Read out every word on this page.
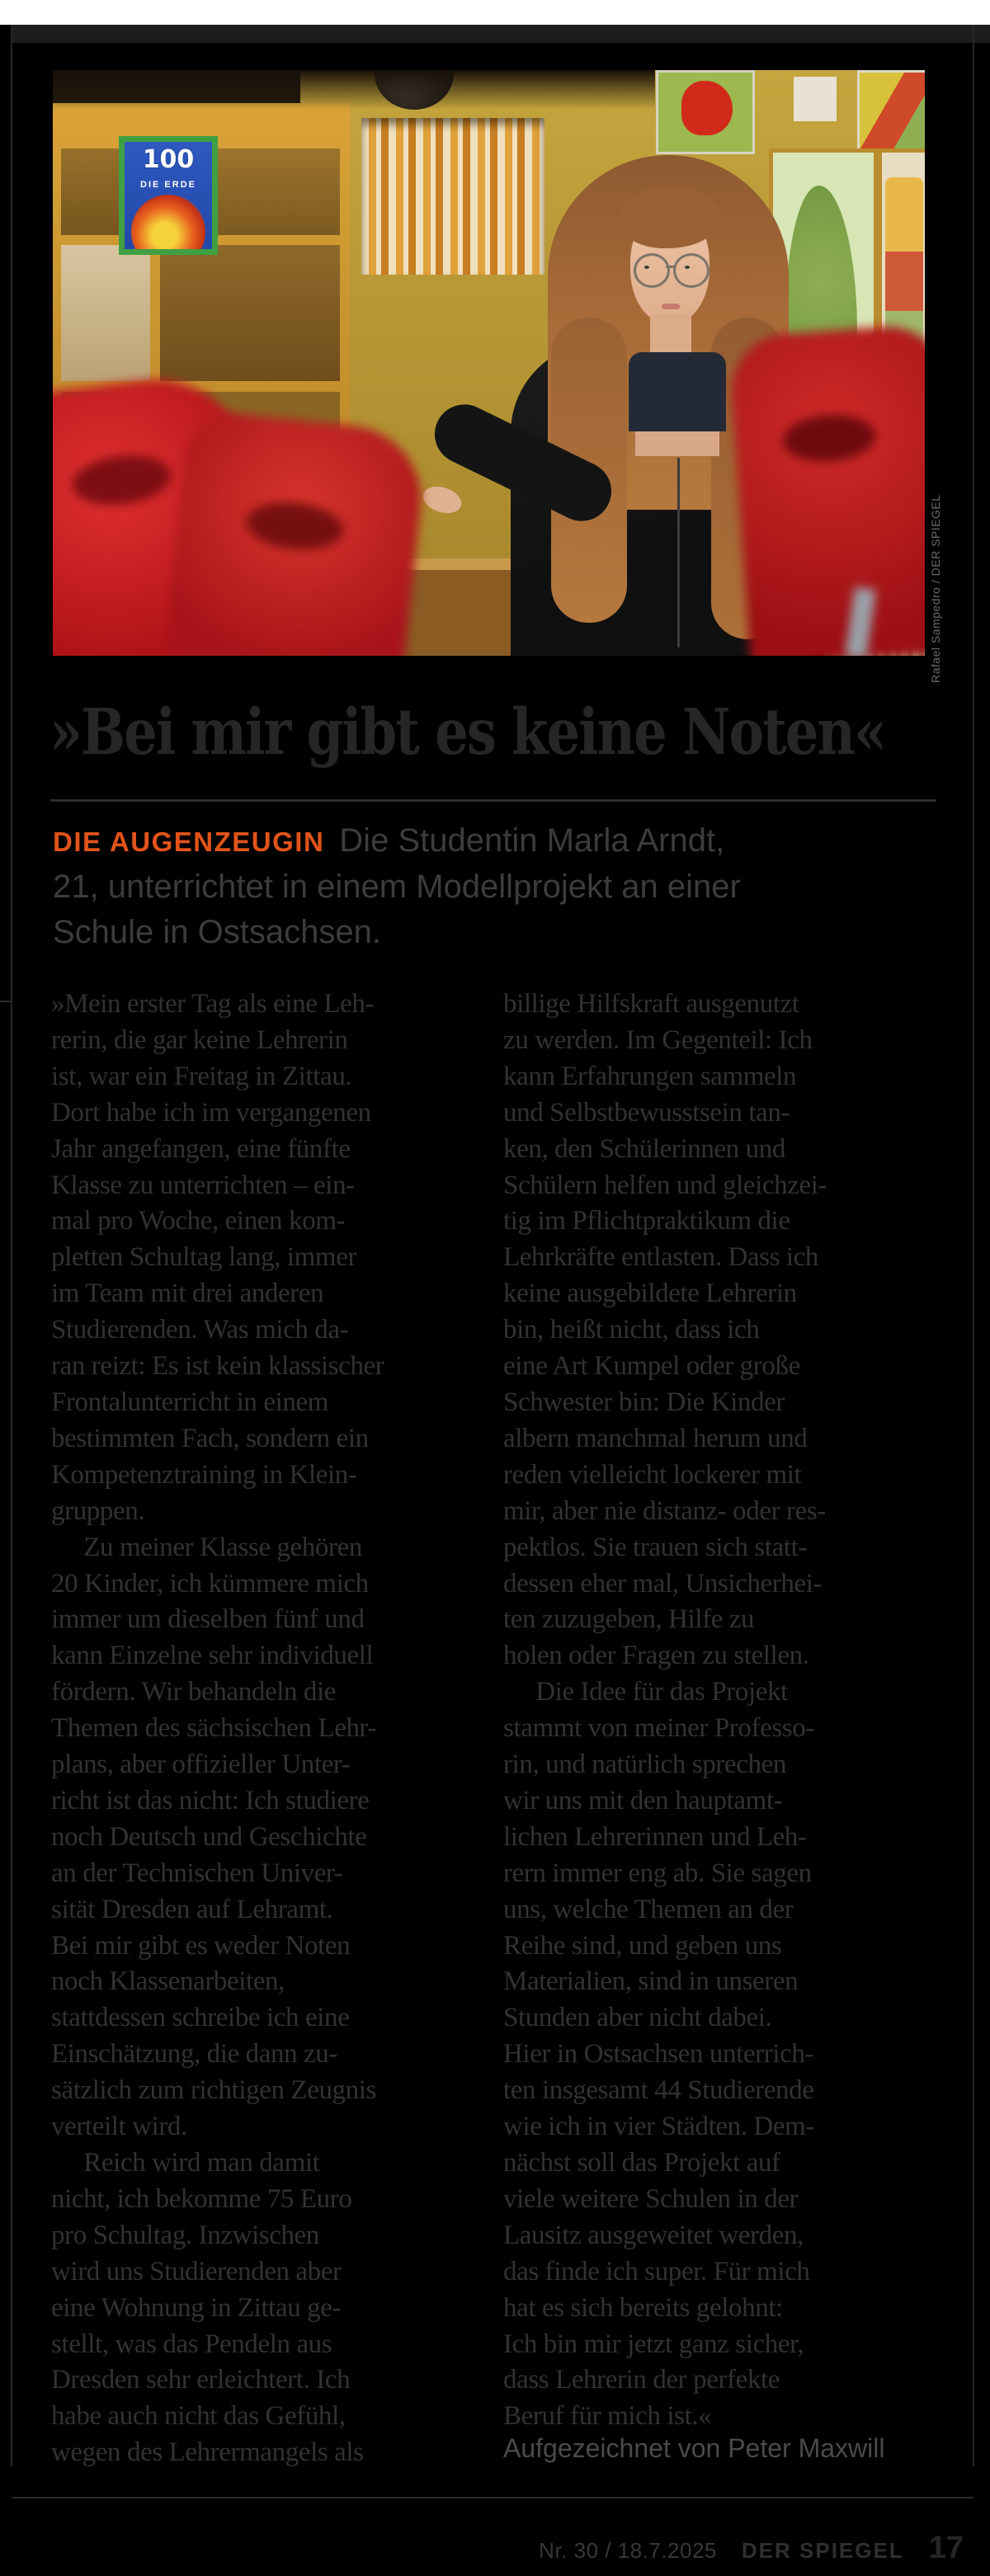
100
DIE ERDE
Rafael Sampedro / DER SPIEGEL
»Bei mir gibt es keine Noten«
DIE AUGENZEUGIN Die Studentin Marla Arndt,
21, unterrichtet in einem Modellprojekt an einer
Schule in Ostsachsen.
»Mein erster Tag als eine Leh-
rerin, die gar keine Lehrerin
ist, war ein Freitag in Zittau.
Dort habe ich im vergangenen
Jahr angefangen, eine fünfte
Klasse zu unterrichten – ein-
mal pro Woche, einen kom-
pletten Schultag lang, immer
im Team mit drei anderen
Studierenden. Was mich da-
ran reizt: Es ist kein klassischer
Frontalunterricht in einem
bestimmten Fach, sondern ein
Kompetenztraining in Klein-
gruppen.
Zu meiner Klasse gehören
20 Kinder, ich kümmere mich
immer um dieselben fünf und
kann Einzelne sehr individuell
fördern. Wir behandeln die
Themen des sächsischen Lehr-
plans, aber offizieller Unter-
richt ist das nicht: Ich studiere
noch Deutsch und Geschichte
an der Technischen Univer-
sität Dresden auf Lehramt.
Bei mir gibt es weder Noten
noch Klassenarbeiten,
stattdessen schreibe ich eine
Einschätzung, die dann zu-
sätzlich zum richtigen Zeugnis
verteilt wird.
Reich wird man damit
nicht, ich bekomme 75 Euro
pro Schultag. Inzwischen
wird uns Studierenden aber
eine Wohnung in Zittau ge-
stellt, was das Pendeln aus
Dresden sehr erleichtert. Ich
habe auch nicht das Gefühl,
wegen des Lehrermangels als
billige Hilfskraft ausgenutzt
zu werden. Im Gegenteil: Ich
kann Erfahrungen sammeln
und Selbstbewusstsein tan-
ken, den Schülerinnen und
Schülern helfen und gleichzei-
tig im Pflichtpraktikum die
Lehrkräfte entlasten. Dass ich
keine ausgebildete Lehrerin
bin, heißt nicht, dass ich
eine Art Kumpel oder große
Schwester bin: Die Kinder
albern manchmal herum und
reden vielleicht lockerer mit
mir, aber nie distanz- oder res-
pektlos. Sie trauen sich statt-
dessen eher mal, Unsicherhei-
ten zuzugeben, Hilfe zu
holen oder Fragen zu stellen.
Die Idee für das Projekt
stammt von meiner Professo-
rin, und natürlich sprechen
wir uns mit den hauptamt-
lichen Lehrerinnen und Leh-
rern immer eng ab. Sie sagen
uns, welche Themen an der
Reihe sind, und geben uns
Materialien, sind in unseren
Stunden aber nicht dabei.
Hier in Ostsachsen unterrich-
ten insgesamt 44 Studierende
wie ich in vier Städten. Dem-
nächst soll das Projekt auf
viele weitere Schulen in der
Lausitz ausgeweitet werden,
das finde ich super. Für mich
hat es sich bereits gelohnt:
Ich bin mir jetzt ganz sicher,
dass Lehrerin der perfekte
Beruf für mich ist.«
Aufgezeichnet von Peter Maxwill
Nr. 30 / 18.7.2025 DER SPIEGEL 17
